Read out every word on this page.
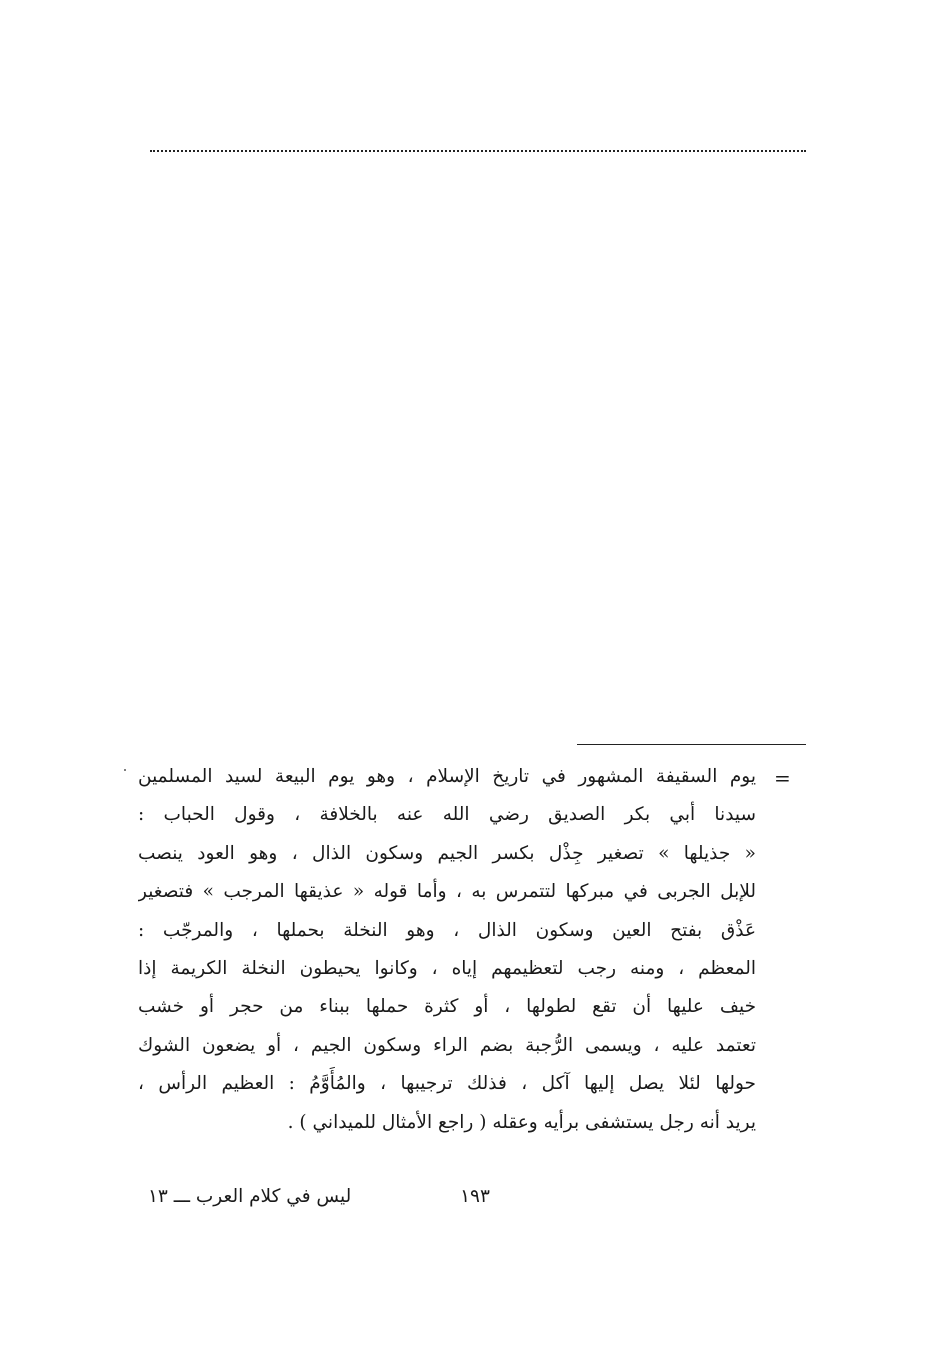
=
يوم السقيفة المشهور في تاريخ الإسلام ، وهو يوم البيعة لسيد المسلمين
سيدنا أبي بكر الصديق رضي الله عنه بالخلافة ، وقول الحباب :
« جذيلها » تصغير جِذْل بكسر الجيم وسكون الذال ، وهو العود ينصب
للإبل الجربى في مبركها لتتمرس به ، وأما قوله « عذيقها المرجب » فتصغير
عَذْق بفتح العين وسكون الذال ، وهو النخلة بحملها ، والمرجّب :
المعظم ، ومنه رجب لتعظيمهم إياه ، وكانوا يحيطون النخلة الكريمة إذا
خيف عليها أن تقع لطولها ، أو كثرة حملها ببناء من حجر أو خشب
تعتمد عليه ، ويسمى الرُّجبة بضم الراء وسكون الجيم ، أو يضعون الشوك
حولها لئلا يصل إليها آكل ، فذلك ترجيبها ، والمُأَوَّمُ : العظيم الرأس ،
يريد أنه رجل يستشفى برأيه وعقله ( راجع الأمثال للميداني ) .
١٩٣
ليس في كلام العرب ـــ ١٣
